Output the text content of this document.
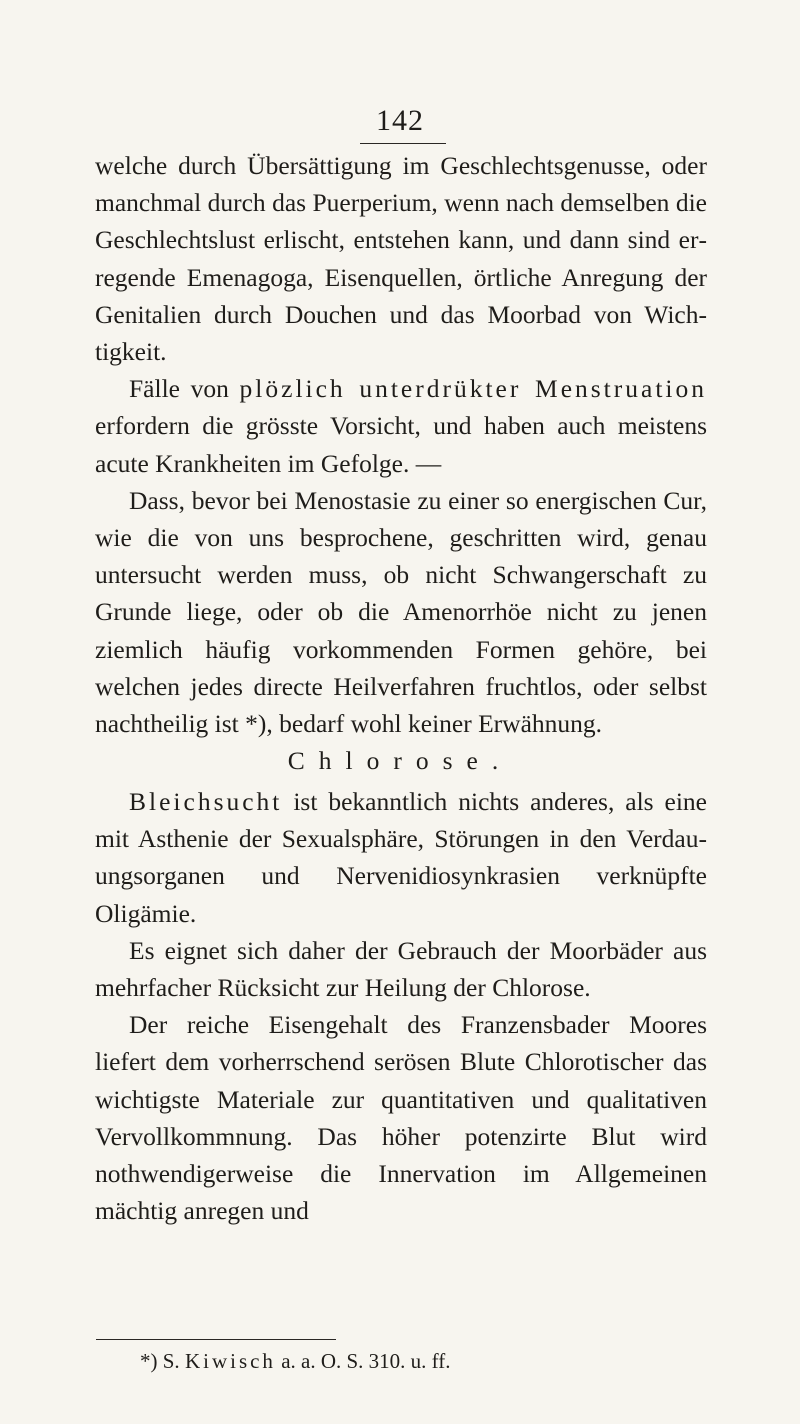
142

welche durch Übersättigung im Geschlechtsgenusse, oder manchmal durch das Puerperium, wenn nach demselben die Geschlechtslust erlischt, entstehen kann, und dann sind erregende Emenagoga, Eisenquellen, örtliche Anregung der Genitalien durch Douchen und das Moorbad von Wichtigkeit.

Fälle von plözlich unterdrükter Menstruation erfordern die grösste Vorsicht, und haben auch meistens acute Krankheiten im Gefolge. —

Dass, bevor bei Menostasie zu einer so energischen Cur, wie die von uns besprochene, geschritten wird, genau untersucht werden muss, ob nicht Schwangerschaft zu Grunde liege, oder ob die Amenorrhöe nicht zu jenen ziemlich häufig vorkommenden Formen gehöre, bei welchen jedes directe Heilverfahren fruchtlos, oder selbst nachtheilig ist *), bedarf wohl keiner Erwähnung.

Chlorose.

Bleichsucht ist bekanntlich nichts anderes, als eine mit Asthenie der Sexualsphäre, Störungen in den Verdauungsorganen und Nervenidiosynkrasien verknüpfte Oligämie.

Es eignet sich daher der Gebrauch der Moorbäder aus mehrfacher Rücksicht zur Heilung der Chlorose.

Der reiche Eisengehalt des Franzensbader Moores liefert dem vorherrschend serösen Blute Chlorotischer das wichtigste Materiale zur quantitativen und qualitativen Vervollkommnung. Das höher potenzirte Blut wird nothwendigerweise die Innervation im Allgemeinen mächtig anregen und

*) S. Kiwisch a. a. O. S. 310. u. ff.
